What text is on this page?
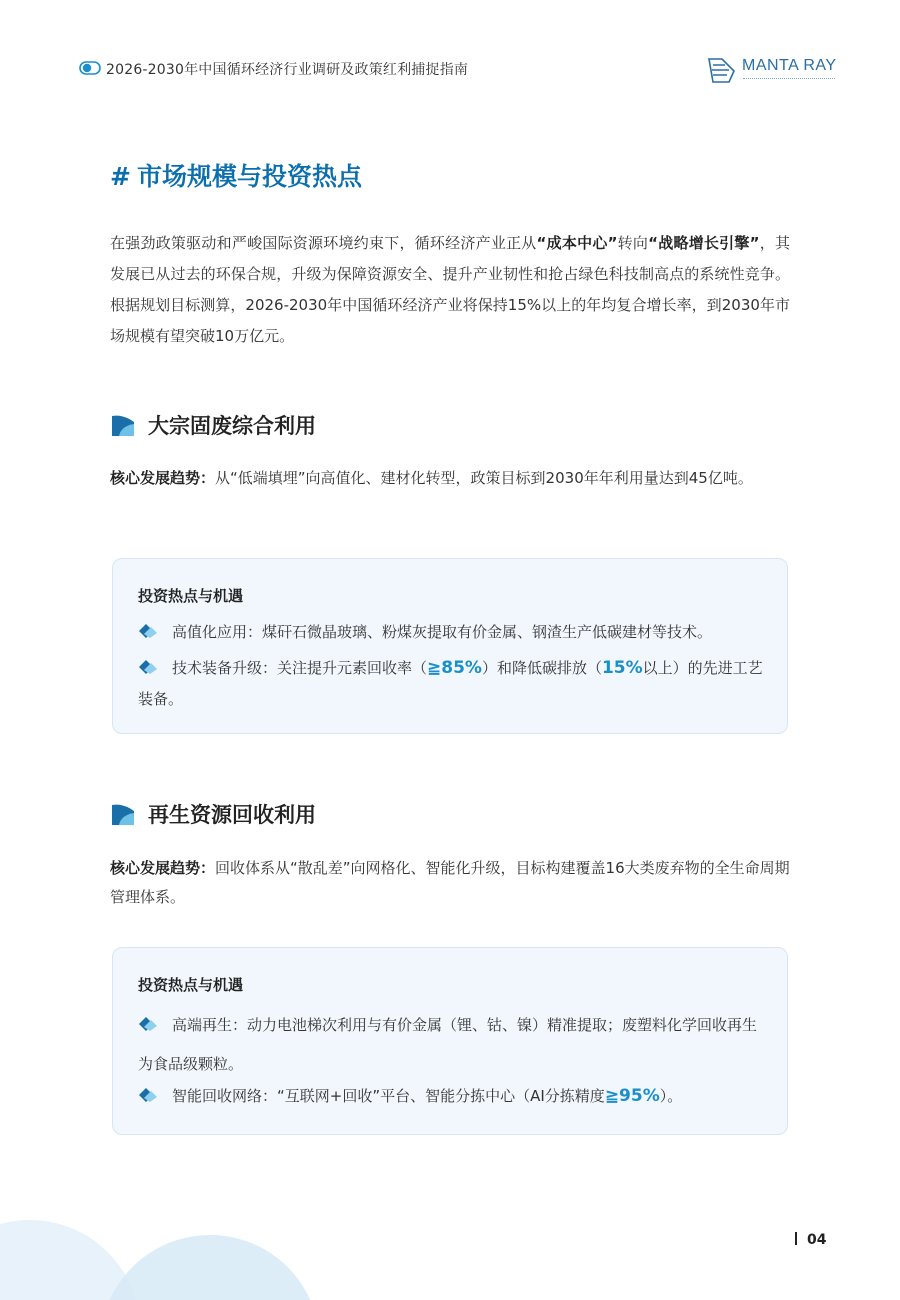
2026-2030年中国循环经济行业调研及政策红利捕捉指南	MANTA RAY
# 市场规模与投资热点

在强劲政策驱动和严峻国际资源环境约束下，循环经济产业正从“成本中心”转向“战略增长引擎”，其发展已从过去的环保合规，升级为保障资源安全、提升产业韧性和抢占绿色科技制高点的系统性竞争。根据规划目标测算，2026-2030年中国循环经济产业将保持15%以上的年均复合增长率，到2030年市场规模有望突破10万亿元。

大宗固废综合利用

核心发展趋势：从“低端填埋”向高值化、建材化转型，政策目标到2030年年利用量达到45亿吨。

投资热点与机遇

高值化应用：煤矸石微晶玻璃、粉煤灰提取有价金属、钢渣生产低碳建材等技术。

技术装备升级：关注提升元素回收率（≧85%）和降低碳排放（15%以上）的先进工艺装备。

再生资源回收利用

核心发展趋势：回收体系从“散乱差”向网格化、智能化升级，目标构建覆盖16大类废弃物的全生命周期管理体系。

投资热点与机遇

高端再生：动力电池梯次利用与有价金属（锂、钴、镍）精准提取；废塑料化学回收再生为食品级颗粒。

智能回收网络：“互联网+回收”平台、智能分拣中心（AI分拣精度≧95%）。

04
